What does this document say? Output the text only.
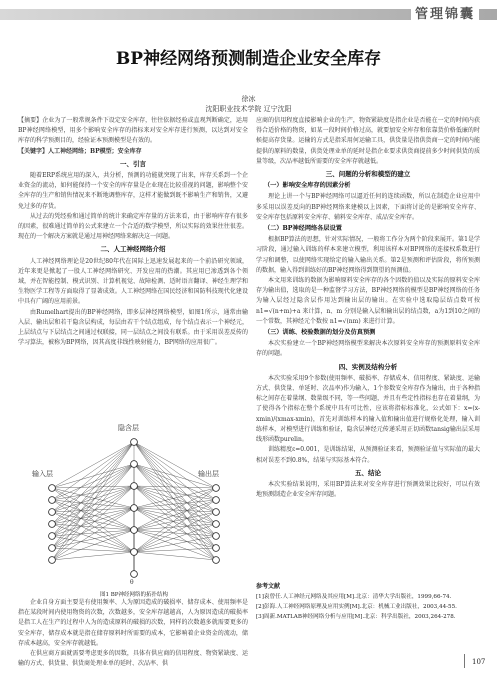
管理锦囊
BP神经网络预测制造企业安全库存
徐冰
沈阳职业技术学院 辽宁沈阳

【摘要】企业为了一般常规条件下设定安全库存，往往依据经验或直观判断确定，运用BP神经网络模型，用多个影响安全库存的指标来对安全库存进行预测，以达到对安全库存的科学预测目的，经验证本预测模型是有效的。

【关键字】人工神经网络；BP模型；安全库存

一、引言

随着ERP系统应用的深入，共分析，预测的功能就突现了出来，库存关系到一个企业资金的流动，如何能保持一个安全的库存量是企业现在比较重视的问题，影响整个安全库存的生产和销售情况来不断地调整库存，这样才能做到既不影响生产和销售，又避免过多的存货。

从过去的凭经验和通过简单的统计来确定库存量的方法来看，由于影响库存有很多的因素，很难通过简单的公式来建立一个合适的数学模型，所以实际的效果往往很差。现在的一个解决方案就是通过用神经网络来解决这一问题。

二、人工神经网络介绍

人工神经网络理论是20世纪80年代在国际上迅速发展起来的一个前沿研究领域，近年来更是掀起了一股人工神经网络研究、开发应用的热潮。其应用已渗透到各个领域，并在智能控制、模式识别、计算机视觉、故障检测、适时语言翻译、神经生理学和生物医学工程等方面取得了显著成效。人工神经网络在国民经济和国防科技现代化建设中具有广阔的应用前景。

由Rumelhart提出的BP神经网络，即多层神经网络模型，如图1所示，通常由输入层、输出层和若干隐含层构成，每层由若干个结点组成，每个结点表示一个神经元，上层结点与下层结点之间通过权联接，同一层结点之间没有联系。由于采用误差反传的学习算法，被称为BP网络，因其高度非线性映射能力，BP网络的应用很广。

隐含层
输入层	输出层
θ
图1 BP神经网络的拓扑结构

企业自身方面主要是有使用频率、人为原因造成的破损率、储存成本、使用频率是指在某段时间内使用物资的次数，次数越多，安全库存越越高，人为原因造成的破损率是指工人在生产的过程中人为的造成原料的破损的次数，同样的次数越多就需要更多的安全库存，储存成本就是指在储存原料时所需要的成本，它影响着企业资金的流动，储存成本越高，安全库存就越低。

在供应商方面就需要考虑更多的因数，具体有供应商的信用程度、物资紧缺度、运输的方式、供货量、供货商处理业单的延时、次品率、供

应商的信用程度直接影响企业的生产，物资紧缺度是指企业是否能在一定的时间内获得合适价格的物资，如某一段时间价格过高，就要加安全库存和依靠货价格低廉的时候提高存货量。运输的方式是指采用何运输工具，供货量是指供货商一定的时间内能提供的原料的数量，供货处理业单的延时是指企业要求供货商提前多少时间供货的质量等级，次品率越低所需要的安全库存就越低。

三、问题的分析和模型的建立
（一）影响安全库存的因素分析

理论上讲一个与BP神经网络可以逼近任何的连续函数，所以在制造企业应用中多采用以误差反向的BP神经网络来建模以上因素，下面将讨论的是影响安全库存、安全库存包括原料安全库存、辅料安全库存、成品安全库存。

（二）BP神经网络各层设置

根据BP算法的思想，针对实际情况，一般将工作分为两个阶段来展开。第1是学习阶段，通过输入训练的样本来建立模型，利用该样本对BP网络的连接权系数进行学习和调整，以使网络实现给定的输入输出关系。第2是预测和评估阶段，将所预测的数据，输入得到训练好的BP神经网络得到期望的预测值。

本文用来训练的数据为影响原料安全库存的各个因数的值以及实际的原料安全库存为输出值，选取的是一种监督学习方法，BP神经网络的模型是BP神经网络的任务为输入层经过隐含层作用达到输出层的输出。在实验中选取隐层结点数可按 n1=√(n+m)+a 来计算，n、m 分别是输入层和输出层的结点数，a为1到10之间的一个常数，其神经元个数按 n1=√(nm) 来进行计算。

（三）训练、校验数据的划分及仿真预测

本次实验建立一个BP神经网络模型来解决本次原料安全库存的预测原料安全库存的问题。

四、实例及结构分析

本次实验采用9个参数(使用频率、破损率、存储成本、信用程度、紧缺度、运输方式、供货量、单延时、次品率)作为输入，1个参数安全库存作为输出，由于各种指标之间存在着量纲、数量级不同，等一些问题，并且有些定性指标也存在着量纲，为了使得各个指标在整个系统中具有可比性，应该将指标标准化，公式如下：x=(x-xmin)/(xmax-xmin)，首先对训练样本的输入值和输出值进行规格化处理，输入训练样本，对模型进行训练和验证，隐含层神经元传递采用正切函数tansig输出层采用线形函数purelin。

训练精度ε=0.001，是训练结果，从预测验证来看，预测验证值与实际值的最大相对误差不到0.8%，结果与实际基本符合。

五、结论

本次实验结果说明，采用BP算法来对安全库存进行预测效果比较好，可以有效地预测制造企业安全库存问题。

参考文献
[1]袁曾任.人工神经元网络及其应用[M].北京：清华大学出版社，1999,66-74.
[2]彭海.人工神经网络原理及应用实例[M].北京：机械工业出版社，2003,44-55.
[3]周新.MATLAB神经网络分析与应用[M].北京：科学出版社，2003,264-278.
107
